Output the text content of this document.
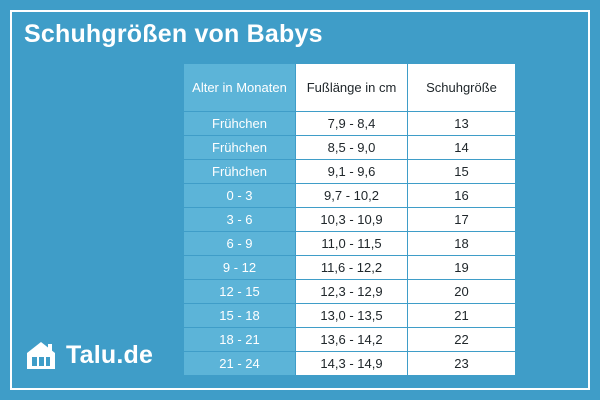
Schuhgrößen von Babys
Alter in Monaten	Fußlänge in cm	Schuhgröße
Frühchen	7,9 - 8,4	13
Frühchen	8,5 - 9,0	14
Frühchen	9,1 - 9,6	15
0 - 3	9,7 - 10,2	16
3 - 6	10,3 - 10,9	17
6 - 9	11,0 - 11,5	18
9 - 12	11,6 - 12,2	19
12 - 15	12,3 - 12,9	20
15 - 18	13,0 - 13,5	21
18 - 21	13,6 - 14,2	22
21 - 24	14,3 - 14,9	23
Talu.de
